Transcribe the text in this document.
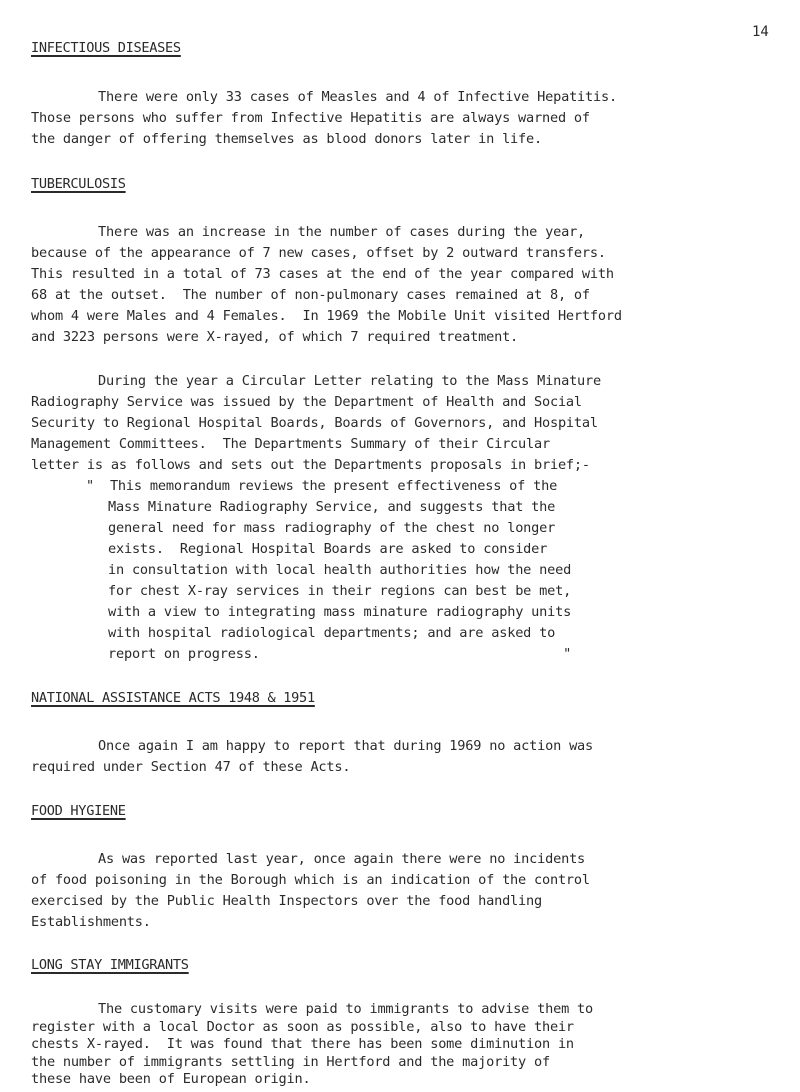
INFECTIOUS DISEASES
14

There were only 33 cases of Measles and 4 of Infective Hepatitis.

Those persons who suffer from Infective Hepatitis are always warned of

the danger of offering themselves as blood donors later in life.

TUBERCULOSIS

There was an increase in the number of cases during the year,

because of the appearance of 7 new cases, offset by 2 outward transfers.

This resulted in a total of 73 cases at the end of the year compared with

68 at the outset.  The number of non-pulmonary cases remained at 8, of

whom 4 were Males and 4 Females.  In 1969 the Mobile Unit visited Hertford

and 3223 persons were X-rayed, of which 7 required treatment.

During the year a Circular Letter relating to the Mass Minature

Radiography Service was issued by the Department of Health and Social

Security to Regional Hospital Boards, Boards of Governors, and Hospital

Management Committees.  The Departments Summary of their Circular

letter is as follows and sets out the Departments proposals in brief;-

"  This memorandum reviews the present effectiveness of the

Mass Minature Radiography Service, and suggests that the

general need for mass radiography of the chest no longer

exists.  Regional Hospital Boards are asked to consider

in consultation with local health authorities how the need

for chest X-ray services in their regions can best be met,

with a view to integrating mass minature radiography units

with hospital radiological departments; and are asked to

report on progress.                                      "

NATIONAL ASSISTANCE ACTS 1948 & 1951

Once again I am happy to report that during 1969 no action was

required under Section 47 of these Acts.

FOOD HYGIENE

As was reported last year, once again there were no incidents

of food poisoning in the Borough which is an indication of the control

exercised by the Public Health Inspectors over the food handling

Establishments.

LONG STAY IMMIGRANTS

The customary visits were paid to immigrants to advise them to

register with a local Doctor as soon as possible, also to have their

chests X-rayed.  It was found that there has been some diminution in

the number of immigrants settling in Hertford and the majority of

these have been of European origin.
